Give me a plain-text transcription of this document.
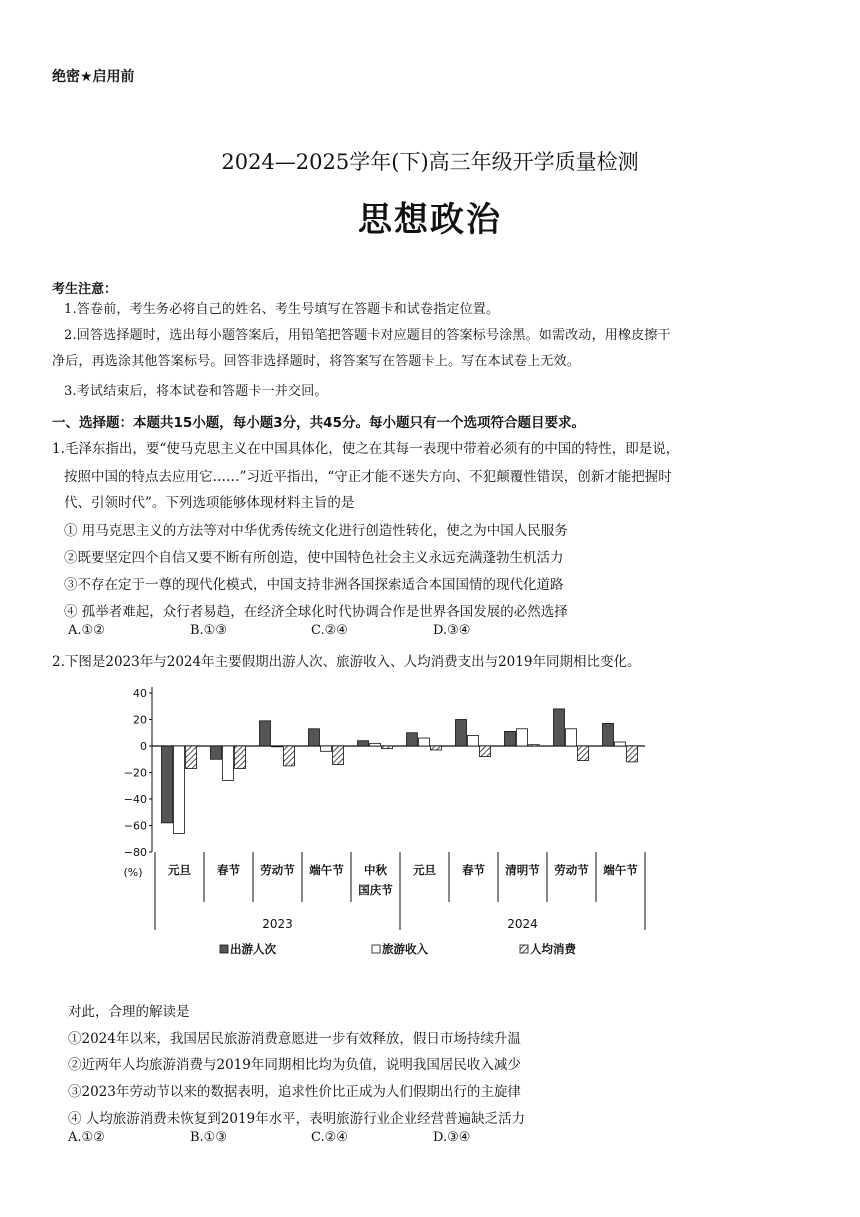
绝密★启用前
2024—2025学年(下)高三年级开学质量检测
思想政治
考生注意：
1.答卷前，考生务必将自己的姓名、考生号填写在答题卡和试卷指定位置。
2.回答选择题时，选出每小题答案后，用铅笔把答题卡对应题目的答案标号涂黑。如需改动，用橡皮擦干
净后，再选涂其他答案标号。回答非选择题时，将答案写在答题卡上。写在本试卷上无效。
3.考试结束后，将本试卷和答题卡一并交回。
一、选择题：本题共15小题，每小题3分，共45分。每小题只有一个选项符合题目要求。
1.毛泽东指出，要“使马克思主义在中国具体化，使之在其每一表现中带着必须有的中国的特性，即是说，
按照中国的特点去应用它……”习近平指出，“守正才能不迷失方向、不犯颠覆性错误，创新才能把握时
代、引领时代”。下列选项能够体现材料主旨的是
① 用马克思主义的方法等对中华优秀传统文化进行创造性转化，使之为中国人民服务
②既要坚定四个自信又要不断有所创造，使中国特色社会主义永远充满蓬勃生机活力
③不存在定于一尊的现代化模式，中国支持非洲各国探索适合本国国情的现代化道路
④ 孤举者难起，众行者易趋，在经济全球化时代协调合作是世界各国发展的必然选择
A.①②	B.①③	C.②④	D.③④
2.下图是2023年与2024年主要假期出游人次、旅游收入、人均消费支出与2019年同期相比变化。
40
20
0
−20
−40
−60
−80
(%) 元旦 春节 劳动节 端午节 中秋
国庆节
元旦 春节 清明节 劳动节 端午节
2023	2024
出游人次	旅游收入	人均消费
对此，合理的解读是
①2024年以来，我国居民旅游消费意愿进一步有效释放，假日市场持续升温
②近两年人均旅游消费与2019年同期相比均为负值，说明我国居民收入减少
③2023年劳动节以来的数据表明，追求性价比正成为人们假期出行的主旋律
④ 人均旅游消费未恢复到2019年水平，表明旅游行业企业经营普遍缺乏活力
A.①②	B.①③	C.②④	D.③④
